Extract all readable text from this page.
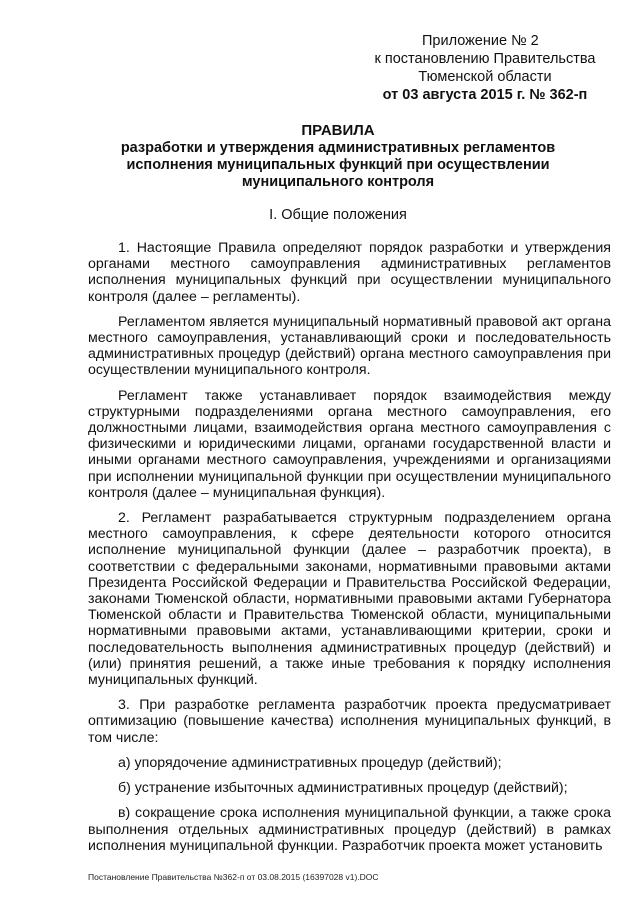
Приложение № 2
к постановлению Правительства
Тюменской области
от 03 августа 2015 г. № 362-п
ПРАВИЛА
разработки и утверждения административных регламентов
исполнения муниципальных функций при осуществлении
муниципального контроля
I. Общие положения

1. Настоящие Правила определяют порядок разработки и утверждения органами местного самоуправления административных регламентов исполнения муниципальных функций при осуществлении муниципального контроля (далее – регламенты).

Регламентом является муниципальный нормативный правовой акт органа местного самоуправления, устанавливающий сроки и последовательность административных процедур (действий) органа местного самоуправления при осуществлении муниципального контроля.

Регламент также устанавливает порядок взаимодействия между структурными подразделениями органа местного самоуправления, его должностными лицами, взаимодействия органа местного самоуправления с физическими и юридическими лицами, органами государственной власти и иными органами местного самоуправления, учреждениями и организациями при исполнении муниципальной функции при осуществлении муниципального контроля (далее – муниципальная функция).

2. Регламент разрабатывается структурным подразделением органа местного самоуправления, к сфере деятельности которого относится исполнение муниципальной функции (далее – разработчик проекта), в соответствии с федеральными законами, нормативными правовыми актами Президента Российской Федерации и Правительства Российской Федерации, законами Тюменской области, нормативными правовыми актами Губернатора Тюменской области и Правительства Тюменской области, муниципальными нормативными правовыми актами, устанавливающими критерии, сроки и последовательность выполнения административных процедур (действий) и (или) принятия решений, а также иные требования к порядку исполнения муниципальных функций.

3. При разработке регламента разработчик проекта предусматривает оптимизацию (повышение качества) исполнения муниципальных функций, в том числе:

а) упорядочение административных процедур (действий);

б) устранение избыточных административных процедур (действий);

в) сокращение срока исполнения муниципальной функции, а также срока выполнения отдельных административных процедур (действий) в рамках исполнения муниципальной функции. Разработчик проекта может установить

Постановление Правительства №362-п от 03.08.2015 (16397028 v1).DOC
